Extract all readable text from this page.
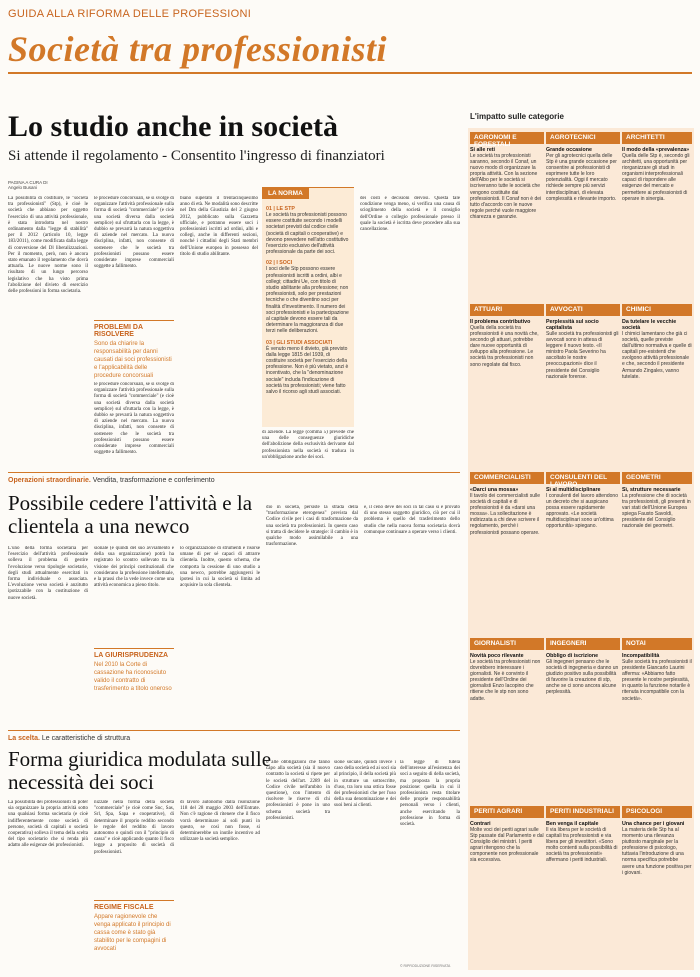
GUIDA ALLA RIFORMA DELLE PROFESSIONI
Società tra professionisti
Lo studio anche in società
Si attende il regolamento - Consentito l'ingresso di finanziatori
PAGINA A CURA DI
Angelo Busani
La possibilità di costituire, le "società tra professionisti" (Stp), è cioè le società che abbiano per oggetto l'esercizio di una attività professionale, è stata introdotta nel nostro ordinamento dalla "legge di stabilità" per il 2012 (articolo 10, legge 183/2011), come modificata dalla legge di conversione del Dl liberalizzazioni. Per il momento, però, non è ancora stato emanato il regolamento che dovrà attuarla. Le nuove norme sono il risultato di un lungo percorso legislativo che ha visto prima l'abolizione del divieto di esercizio delle professioni in forma societaria.
le procedure concorsuali, se si svolge di organizzare l'attività professionale sulla forma di società "commerciale" (e cioè una società diversa dalla società semplice) sul sfruttarla con la legge, è dubbio se prevarrà la natura soggettiva di aziende nel mercato. La nuova disciplina, infatti, non consente di sostenere che le società tra professionisti possano essere considerate imprese commerciali soggette a fallimento.
PROBLEMI DA RISOLVERE
Sono da chiarire la responsabilità per danni causati dai soci professionisti e l'applicabilità delle procedure concorsuali
le procedure concorsuali, se si svolge di organizzare l'attività professionale sulla forma di società "commerciale" (e cioè una società diversa dalla società semplice) sul sfruttarla con la legge, è dubbio se prevarrà la natura soggettiva di aziende nel mercato. La nuova disciplina, infatti, non consente di sostenere che le società tra professionisti possano essere considerate imprese commerciali soggette a fallimento.
biano superato il trentacinquesimo anno di età. Ne modalità sono descritte nel Dm della Giustizia del 2 giugno 2012, pubblicato sulla Gazzetta ufficiale, e potranno essere soci i professionisti iscritti ad ordini, albi e collegi, anche in differenti sezioni, nonché i cittadini degli Stati membri dell'Unione europea in possesso del titolo di studio abilitante.
LA NORMA
01 | LE STP
Le società tra professionisti possono essere costituite secondo i modelli societari previsti dal codice civile (società di capitali o cooperative) e devono prevedere nell'atto costitutivo l'esercizio esclusivo dell'attività professionale da parte dei soci.
02 | I SOCI
I soci delle Stp possono essere professionisti iscritti a ordini, albi e collegi; cittadini Ue, con titolo di studio abilitante alla professione; non professionisti, solo per prestazioni tecniche o che diventino soci per finalità d'investimento. Il numero dei soci professionisti e la partecipazione al capitale devono essere tali da determinare la maggioranza di due terzi nelle deliberazioni.
03 | GLI STUDI ASSOCIATI
È venuto meno il divieto, già previsto dalla legge 1815 del 1939, di costituire società per l'esercizio della professione. Non è più vietato, anzi è incentivato, che la "denominazione sociale" includa l'indicazione di società tra professionisti; viene fatto salvo il ricorso agli studi associati.
di aziende. La legge (comma 5) prevede che una delle conseguenze giuridiche dell'abolizione della esclusività derivante dal professionista nella società si traduca in un'obbligazione anche dei soci.
dei costi e decisioni deivosi. Questa tale condizione venga meno, si verifica una causa di scioglimento della società e il consiglio dell'Ordine o collegio professionale presso il quale la società è iscritta deve procedere alla sua cancellazione.
Operazioni straordinarie. Vendita, trasformazione e conferimento
Possibile cedere l'attività e la clientela a una newco
L'uno della forma societaria per l'esercizio dell'attività professionale sollevа il problema di gestire l'evoluzione verso tipologie societarie, degli studi attualmente esercitati in forma individuale o associata. L'evoluzione verso società è anzitutto ipotizzabile con la costituzione di nuove società.
sionale (e quindi del suo avviamento e della sua organizzazione) potrà ha registrato lo scontro sollevato tra la visione dei principi costituzionali che considerano la professione intellettuale, e la prassi che la vede invece come una attività economica a pieno titolo.
LA GIURISPRUDENZA
Nel 2010 la Corte di cassazione ha riconosciuto valido il contratto di trasferimento a titolo oneroso
lo organizzazione di strumenti e risorse umane di per sé capaci di attrarre clientela. Inoltre, questo schema, che comporta la cessione di uno studio a una newco, potrebbe aggiungersi le ipotesi in cui la società si limita ad acquisire la sola clientela.
dio in società, persiste la strada della "trasformazione eterogenea" prevista dal Codice civile per i casi di trasformazione da una società tra professionisti. In questo caso si tratta di decidere le strategie: il cambio è in qualche modo assimilabile a una trasformazione.
e, il ceno deve dei soci in tal caso si è provato di uno stesso soggetto giuridico, ciò per cui il problema è quello del trasferimento dello studio che nella nuova forma societaria dovrà comunque continuare a operare verso i clienti.
La scelta. Le caratteristiche di struttura
Forma giuridica modulata sulle necessità dei soci
La possibilità dei professionisti di poter sia organizzare la propria attività sotto una qualsiasi forma societaria (e cioè indifferentemente come società di persone, società di capitali o società cooperativa) solleva il tema della scelta del tipo societario che si renda più adatto alle esigenze dei professionisti.
nizzate nella forma della società "commerciale" (e cioè come Snc, Sas, Srl, Spa, Sapa e cooperative), di determinare il proprio reddito secondo le regole del reddito di lavoro autonomo o quindi con il "principio di cassa" e cioè applicando quanto il fisco legge a proposito di società di professionisti.
REGIME FISCALE
Appare ragionevole che venga applicato il principio di cassa come è stato già stabilito per le compagini di avvocati
di lavoro autonomo dalla risoluzione 118 del 28 maggio 2003 dell'Entrate. Non c'è ragione di ritenere che il fisco vorrà determinare ai soli punti in questo, se così non fosse, si determinerebbe un inutile incentivo ad utilizzare la società semplice.
o alle obbligazioni che fanno capo alla società (sia il nuovo contratto la società si ripete per le società dell'art. 2289 del Codice civile nell'ambito in questione), con l'intento di risolvere le riserve di chi professionisti è pone in uno schema società tra professionisti.
sione sociale, quindi invece i caso della società ed ai soci sia al principio, il della società più in strutture un sottoscritte, d'uso, tra loro una ottica fosse dei professionisti che per l'uso della sua denominazione e dei suoi beni ai clienti.
la legge di tutela dell'interesse all'esistenza dei soci a seguito di della società, ma proposta la propria posizione: quella in cui il professionista resta titolare delle proprie responsabilità personali verso i clienti, anche esercitando la professione in forma di società.
© RIPRODUZIONE RISERVATA
L'impatto sulle categorie
AGRONOMI E FORESTALI
Si alle reti
Le società tra professionisti saranno, secondo il Conaf, un nuovo modo di organizzare la propria attività. Con la sezione dell'Albo per le società si iscriveranno tutte le società che vengono costituite dai professionisti. Il Conaf non è dei tutto d'accordo con le nuove regole perché vuole maggiore chiarezza e garanzie.
AGROTECNICI
Grande occasione
Per gli agrotecnici quella delle Stp è una grande occasione per consentire ai professionisti di esprimere tutte le loro potenzialità. Oggi il mercato richiede sempre più servizi interdisciplinari, di elevata complessità e rilevante importo.
ARCHITETTI
Il modo della «prevalenza»
Quella delle Stp è, secondo gli architetti, una opportunità per riorganizzare gli studi in organismi interprofessionali capaci di rispondere alle esigenze del mercato e permettere ai professionisti di operare in sinergia.
ATTUARI
Il problema contributivo
Quella della società tra professionisti è una novità che, secondo gli attuari, potrebbe dare nuove opportunità di sviluppo alla professione. Le società tra professionisti non sono regolate dal fisco.
AVVOCATI
Perplessità sul socio capitalista
Sulle società tra professionisti gli avvocati sono in attesa di leggere il nuovo testo. «Il ministro Paola Severino ha ascoltato le nostre preoccupazioni» dice il presidente del Consiglio nazionale forense.
CHIMICI
Da tutelare le vecchie società
I chimici lamentano che già ci società, quelle previste dall'ultimo normativa e quelle di capitali pre-esistenti che svolgono attività professionale e che, secondo il presidente Armando Zingales, vanno tutelate.
COMMERCIALISTI
«Darci una mossa»
Il tavolo dei commercialisti sulle società di capitali e di professionisti è da «darsi una mossa». La sollecitazione è indirizzata a chi deve scrivere il regolamento, perché i professionisti possano operare.
CONSULENTI DEL LAVORO
Sì al multidisciplinare
I consulenti del lavoro attendono un decreto che si auspicano possa essere rapidamente approvato. «Le società multidisciplinari sono un'ottima opportunità» spiegano.
GEOMETRI
Sì, strutture necessarie
La professione che di società tra professionisti, gli presenti in vari stati dell'Unione Europea spiega Fausto Savoldi, presidente del Consiglio nazionale dei geometri.
GIORNALISTI
Novità poco rilevante
Le società tra professionisti non dovrebbero interessare i giornalisti. Ne è convinto il presidente dell'Ordine dei giornalisti Enzo Iacopino che ritiene che le stp non sono adatte.
INGEGNERI
Obbligo di iscrizione
Gli ingegneri pensano che le società di ingegneria e danno un giudizio positivo sulla possibilità di favorire la creazione di stp, anche se ci sono ancora alcune perplessità.
NOTAI
Incompatibilità
Sulle società tra professionisti il presidente Giancarlo Laurini afferma: «Abbiamo fatto presente le nostre perplessità, in quanto la funzione notarile è ritenuta incompatibile con la società».
PERITI AGRARI
Contrari
Molte voci dei periti agrari sulle Stp passate dal Parlamento e dal Consiglio dei ministri. I periti agrari ritengono che la componente non professionale sia eccessiva.
PERITI INDUSTRIALI
Ben venga il capitale
Il via libera per le società di capitali tra professionisti e via libera per gli investitori. «Sono molto contenti sulla possibilità di società tra professionisti» affermano i periti industriali.
PSICOLOGI
Una chance per i giovani
La materia delle Stp ha al momento una rilevanza piuttosto marginale per la professione di psicologo, tuttavia l'introduzione di una norma specifica potrebbe avere una funzione positiva per i giovani.
